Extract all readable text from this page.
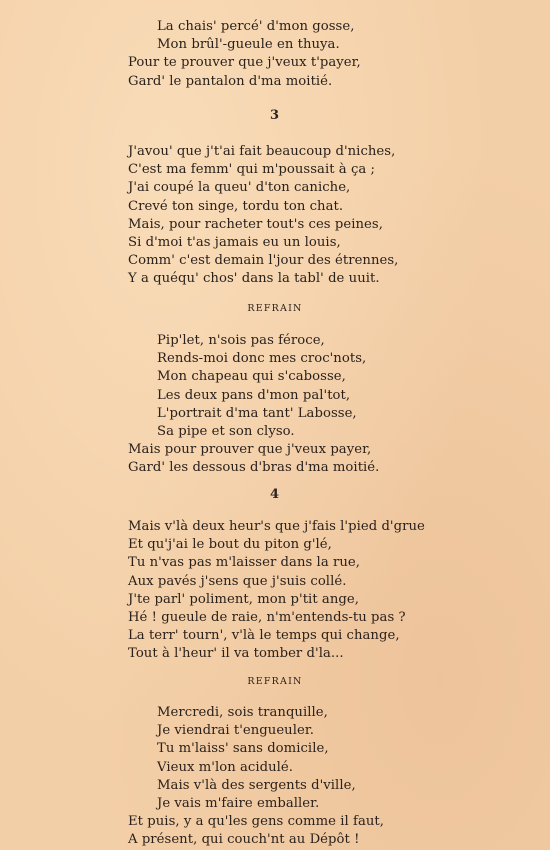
La chais' percé' d'mon gosse,
Mon brûl'-gueule en thuya.
Pour te prouver que j'veux t'payer,
Gard' le pantalon d'ma moitié.
3
J'avou' que j't'ai fait beaucoup d'niches,
C'est ma femm' qui m'poussait à ça ;
J'ai coupé la queu' d'ton caniche,
Crevé ton singe, tordu ton chat.
Mais, pour racheter tout's ces peines,
Si d'moi t'as jamais eu un louis,
Comm' c'est demain l'jour des étrennes,
Y a quéqu' chos' dans la tabl' de uuit.
REFRAIN
Pip'let, n'sois pas féroce,
Rends-moi donc mes croc'nots,
Mon chapeau qui s'cabosse,
Les deux pans d'mon pal'tot,
L'portrait d'ma tant' Labosse,
Sa pipe et son clyso.
Mais pour prouver que j'veux payer,
Gard' les dessous d'bras d'ma moitié.
4
Mais v'là deux heur's que j'fais l'pied d'grue
Et qu'j'ai le bout du piton g'lé,
Tu n'vas pas m'laisser dans la rue,
Aux pavés j'sens que j'suis collé.
J'te parl' poliment, mon p'tit ange,
Hé ! gueule de raie, n'm'entends-tu pas ?
La terr' tourn', v'là le temps qui change,
Tout à l'heur' il va tomber d'la...
REFRAIN
Mercredi, sois tranquille,
Je viendrai t'engueuler.
Tu m'laiss' sans domicile,
Vieux m'lon acidulé.
Mais v'là des sergents d'ville,
Je vais m'faire emballer.
Et puis, y a qu'les gens comme il faut,
A présent, qui couch'nt au Dépôt !
